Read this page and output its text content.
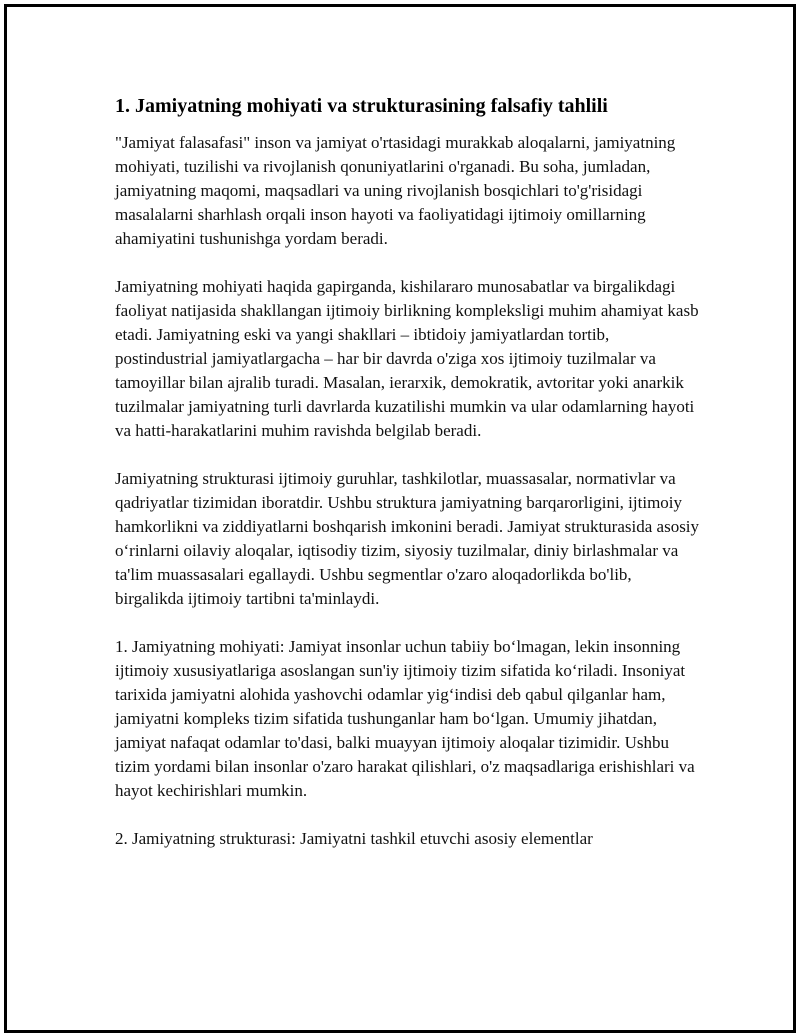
1. Jamiyatning mohiyati va strukturasining falsafiy tahlili

"Jamiyat falasafasi" inson va jamiyat o'rtasidagi murakkab aloqalarni, jamiyatning mohiyati, tuzilishi va rivojlanish qonuniyatlarini o'rganadi. Bu soha, jumladan, jamiyatning maqomi, maqsadlari va uning rivojlanish bosqichlari to'g'risidagi masalalarni sharhlash orqali inson hayoti va faoliyatidagi ijtimoiy omillarning ahamiyatini tushunishga yordam beradi.

Jamiyatning mohiyati haqida gapirganda, kishilararo munosabatlar va birgalikdagi faoliyat natijasida shakllangan ijtimoiy birlikning kompleksligi muhim ahamiyat kasb etadi. Jamiyatning eski va yangi shakllari – ibtidoiy jamiyatlardan tortib, postindustrial jamiyatlargacha – har bir davrda o'ziga xos ijtimoiy tuzilmalar va tamoyillar bilan ajralib turadi. Masalan, ierarxik, demokratik, avtoritar yoki anarkik tuzilmalar jamiyatning turli davrlarda kuzatilishi mumkin va ular odamlarning hayoti va hatti-harakatlarini muhim ravishda belgilab beradi.

Jamiyatning strukturasi ijtimoiy guruhlar, tashkilotlar, muassasalar, normativlar va qadriyatlar tizimidan iboratdir. Ushbu struktura jamiyatning barqarorligini, ijtimoiy hamkorlikni va ziddiyatlarni boshqarish imkonini beradi. Jamiyat strukturasida asosiy o‘rinlarni oilaviy aloqalar, iqtisodiy tizim, siyosiy tuzilmalar, diniy birlashmalar va ta'lim muassasalari egallaydi. Ushbu segmentlar o'zaro aloqadorlikda bo'lib, birgalikda ijtimoiy tartibni ta'minlaydi.

1. Jamiyatning mohiyati: Jamiyat insonlar uchun tabiiy bo‘lmagan, lekin insonning ijtimoiy xususiyatlariga asoslangan sun'iy ijtimoiy tizim sifatida ko‘riladi. Insoniyat tarixida jamiyatni alohida yashovchi odamlar yig‘indisi deb qabul qilganlar ham, jamiyatni kompleks tizim sifatida tushunganlar ham bo‘lgan. Umumiy jihatdan, jamiyat nafaqat odamlar to'dasi, balki muayyan ijtimoiy aloqalar tizimidir. Ushbu tizim yordami bilan insonlar o'zaro harakat qilishlari, o'z maqsadlariga erishishlari va hayot kechirishlari mumkin.

2. Jamiyatning strukturasi: Jamiyatni tashkil etuvchi asosiy elementlar
